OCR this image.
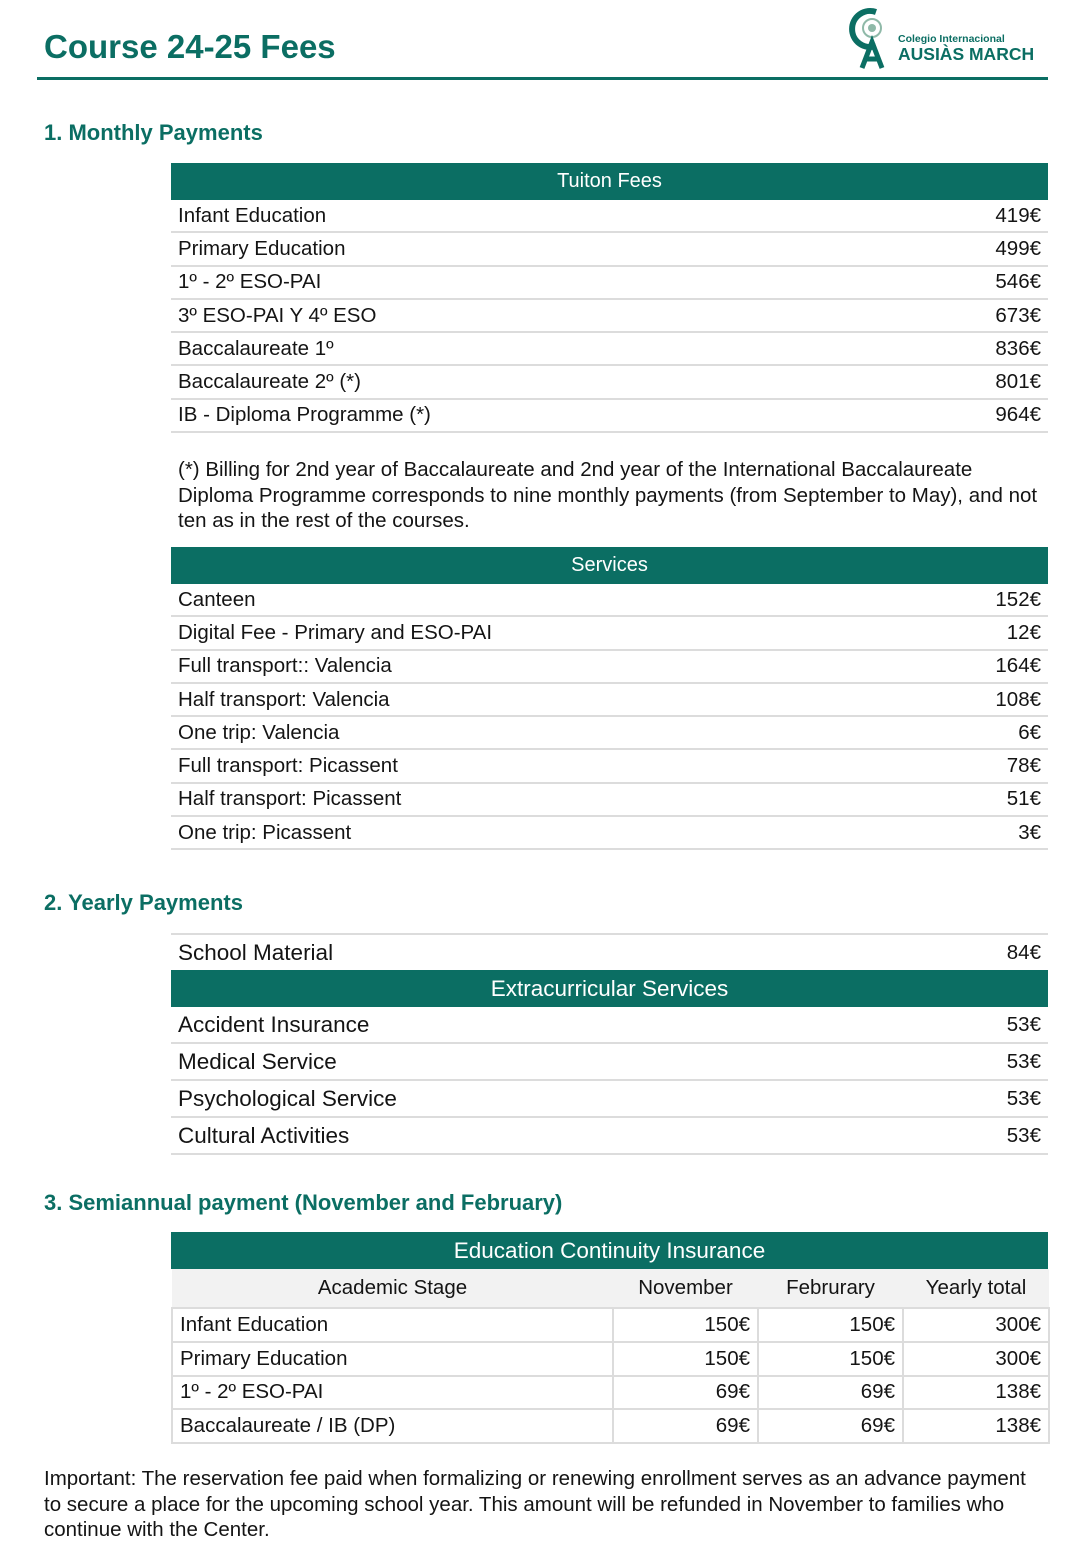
Course 24-25 Fees	Colegio Internacional
AUSIÀS MARCH
1. Monthly Payments
Tuiton Fees
Infant Education	419€
Primary Education	499€
1º - 2º ESO-PAI	546€
3º ESO-PAI Y 4º ESO	673€
Baccalaureate 1º	836€
Baccalaureate 2º (*)	801€
IB - Diploma Programme (*)	964€
(*) Billing for 2nd year of Baccalaureate and 2nd year of the International Baccalaureate Diploma Programme corresponds to nine monthly payments (from September to May), and not ten as in the rest of the courses.
Services
Canteen	152€
Digital Fee - Primary and ESO-PAI	12€
Full transport:: Valencia	164€
Half transport: Valencia	108€
One trip: Valencia	6€
Full transport: Picassent	78€
Half transport: Picassent	51€
One trip: Picassent	3€
2. Yearly Payments
School Material	84€
Extracurricular Services
Accident Insurance	53€
Medical Service	53€
Psychological Service	53€
Cultural Activities	53€
3. Semiannual payment (November and February)
Education Continuity Insurance
Academic Stage	November	Februrary	Yearly total
Infant Education	150€	150€	300€
Primary Education	150€	150€	300€
1º - 2º ESO-PAI	69€	69€	138€
Baccalaureate / IB (DP)	69€	69€	138€
Important: The reservation fee paid when formalizing or renewing enrollment serves as an advance payment to secure a place for the upcoming school year. This amount will be refunded in November to families who continue with the Center.
